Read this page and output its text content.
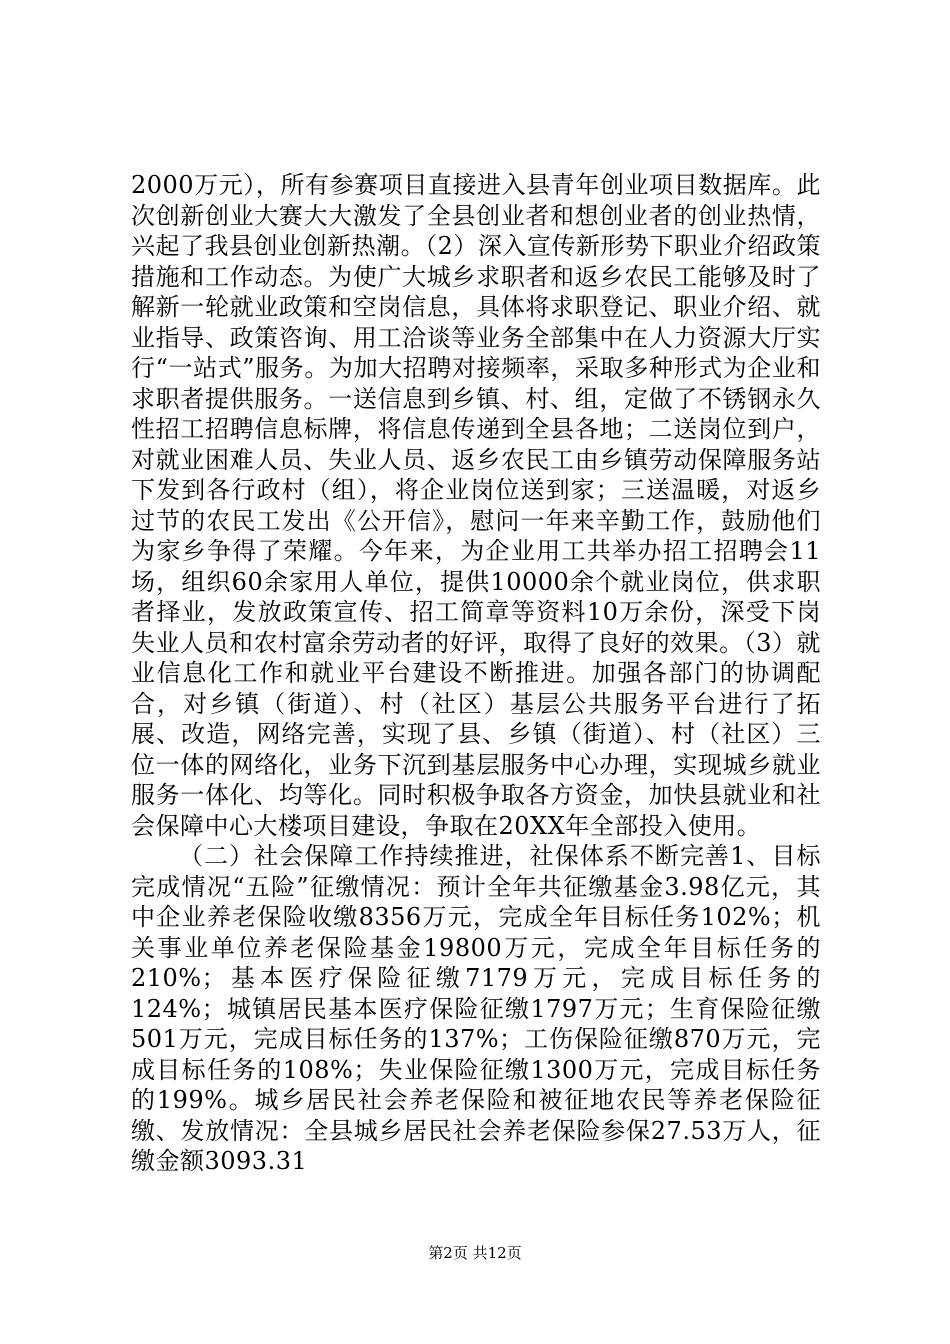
2000万元），所有参赛项目直接进入县青年创业项目数据库。此次创新创业大赛大大激发了全县创业者和想创业者的创业热情，兴起了我县创业创新热潮。（2）深入宣传新形势下职业介绍政策措施和工作动态。为使广大城乡求职者和返乡农民工能够及时了解新一轮就业政策和空岗信息，具体将求职登记、职业介绍、就业指导、政策咨询、用工洽谈等业务全部集中在人力资源大厅实行“一站式”服务。为加大招聘对接频率，采取多种形式为企业和求职者提供服务。一送信息到乡镇、村、组，定做了不锈钢永久性招工招聘信息标牌，将信息传递到全县各地；二送岗位到户，对就业困难人员、失业人员、返乡农民工由乡镇劳动保障服务站下发到各行政村（组），将企业岗位送到家；三送温暖，对返乡过节的农民工发出《公开信》，慰问一年来辛勤工作，鼓励他们为家乡争得了荣耀。今年来，为企业用工共举办招工招聘会11场，组织60余家用人单位，提供10000余个就业岗位，供求职者择业，发放政策宣传、招工简章等资料10万余份，深受下岗失业人员和农村富余劳动者的好评，取得了良好的效果。（3）就业信息化工作和就业平台建设不断推进。加强各部门的协调配合，对乡镇（街道）、村（社区）基层公共服务平台进行了拓展、改造，网络完善，实现了县、乡镇（街道）、村（社区）三位一体的网络化，业务下沉到基层服务中心办理，实现城乡就业服务一体化、均等化。同时积极争取各方资金，加快县就业和社会保障中心大楼项目建设，争取在20XX年全部投入使用。

（二）社会保障工作持续推进，社保体系不断完善1、目标完成情况“五险”征缴情况：预计全年共征缴基金3.98亿元，其中企业养老保险收缴8356万元，完成全年目标任务102%；机关事业单位养老保险基金19800万元，完成全年目标任务的210%；基本医疗保险征缴7179万元，完成目标任务的124%；城镇居民基本医疗保险征缴1797万元；生育保险征缴501万元，完成目标任务的137%；工伤保险征缴870万元，完成目标任务的108%；失业保险征缴1300万元，完成目标任务的199%。城乡居民社会养老保险和被征地农民等养老保险征缴、发放情况：全县城乡居民社会养老保险参保27.53万人，征缴金额3093.31

第2页 共12页
